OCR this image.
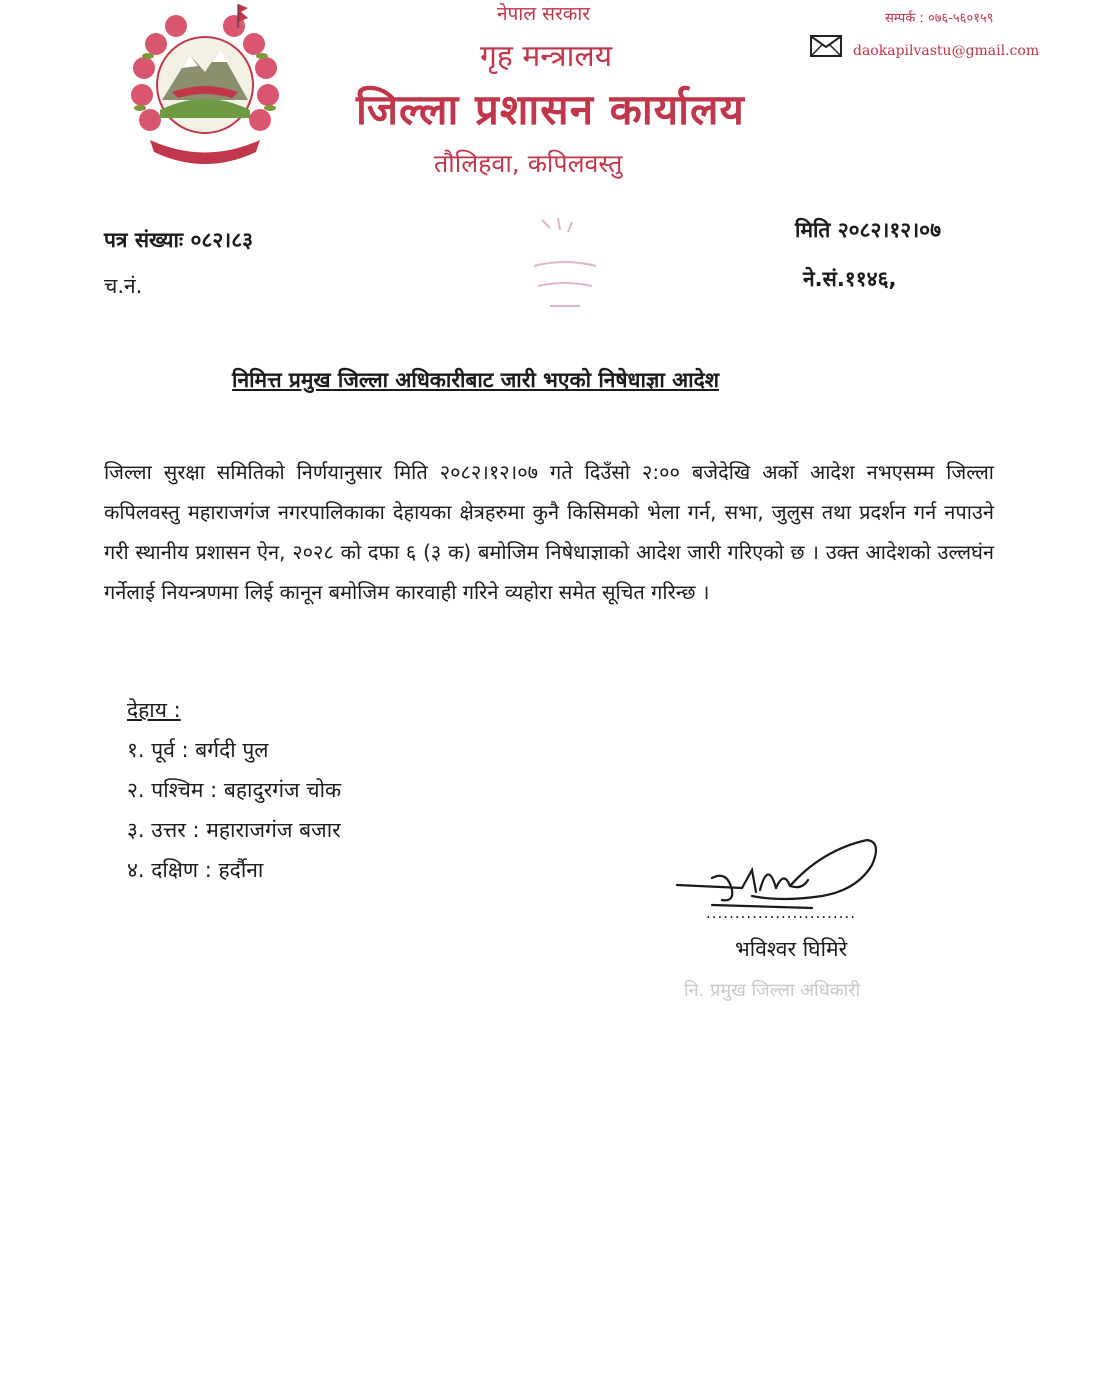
नेपाल सरकार
गृह मन्त्रालय
जिल्ला प्रशासन कार्यालय
तौलिहवा, कपिलवस्तु
सम्पर्क : ०७६-५६०१५९
daokapilvastu@gmail.com
पत्र संख्याः ०८२।८३
च.नं.
मिति २०८२।१२।०७
ने.सं.११४६,
निमित्त प्रमुख जिल्ला अधिकारीबाट जारी भएको निषेधाज्ञा आदेश

जिल्ला सुरक्षा समितिको निर्णयानुसार मिति २०८२।१२।०७ गते दिउँसो २:०० बजेदेखि अर्को आदेश नभएसम्म जिल्ला कपिलवस्तु महाराजगंज नगरपालिकाका देहायका क्षेत्रहरुमा कुनै किसिमको भेला गर्न, सभा, जुलुस तथा प्रदर्शन गर्न नपाउने गरी स्थानीय प्रशासन ऐन, २०२८ को दफा ६ (३ क) बमोजिम निषेधाज्ञाको आदेश जारी गरिएको छ । उक्त आदेशको उल्लघंन गर्नेलाई नियन्त्रणमा लिई कानून बमोजिम कारवाही गरिने व्यहोरा समेत सूचित गरिन्छ ।

देहाय :
१. पूर्व : बर्गदी पुल
२. पश्चिम : बहादुरगंज चोक
३. उत्तर : महाराजगंज बजार
४. दक्षिण : हर्दौना
..........................
भविश्वर घिमिरे
नि. प्रमुख जिल्ला अधिकारी
